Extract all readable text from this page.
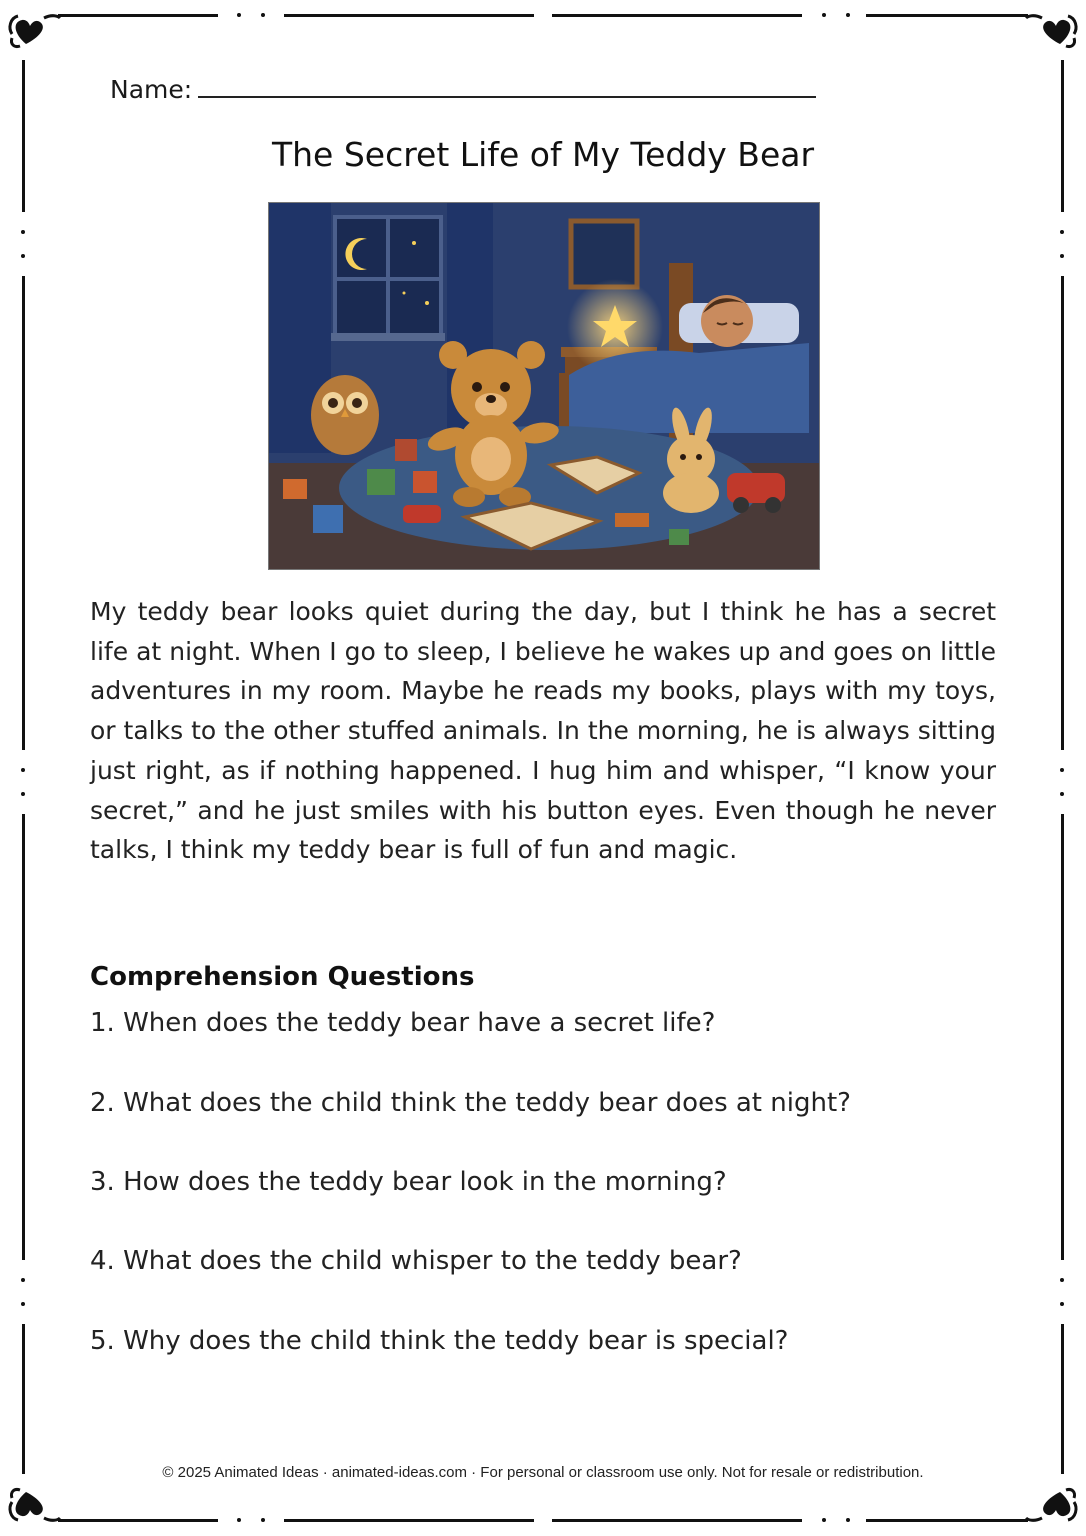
Name:
The Secret Life of My Teddy Bear

My teddy bear looks quiet during the day, but I think he has a secret life at night. When I go to sleep, I believe he wakes up and goes on little adventures in my room. Maybe he reads my books, plays with my toys, or talks to the other stuffed animals. In the morning, he is always sitting just right, as if nothing happened. I hug him and whisper, “I know your secret,” and he just smiles with his button eyes. Even though he never talks, I think my teddy bear is full of fun and magic.

Comprehension Questions

1. When does the teddy bear have a secret life?

2. What does the child think the teddy bear does at night?

3. How does the teddy bear look in the morning?

4. What does the child whisper to the teddy bear?

5. Why does the child think the teddy bear is special?

© 2025 Animated Ideas · animated-ideas.com · For personal or classroom use only. Not for resale or redistribution.
